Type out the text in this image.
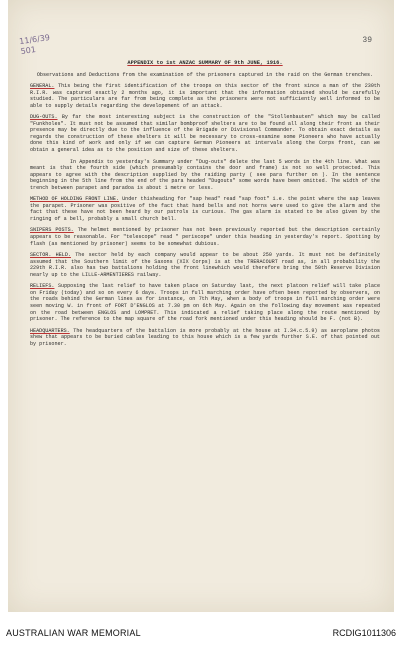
11/6/39
501
39
APPENDIX to 1st ANZAC SUMMARY OF 9th JUNE, 1916.
Observations and Deductions from the examination of the prisoners captured in the raid on the German trenches.

GENERAL. This being the first identification of the troops on this sector of the front since a man of the 230th R.I.R. was captured exactly 2 months ago, it is important that the information obtained should be carefully studied. The particulars are far from being complete as the prisoners were not sufficiently well informed to be able to supply details regarding the developement of an attack.

DUG-OUTS. By far the most interesting subject is the construction of the "Stollenbauten" which may be called "Funkholes". It must not be assumed that similar bombproof shelters are to be found all along their front as their presence may be directly due to the influence of the Brigade or Divisional Commander. To obtain exact details as regards the construction of these shelters it will be necessary to cross-examine some Pioneers who have actually done this kind of work and only if we can capture German Pioneers at intervals along the Corps front, can we obtain a general idea as to the position and size of these shelters.

In Appendix to yesterday's Summary under "Dug-outs" delete the last 5 words in the 4th line. What was meant is that the fourth side (which presumably contains the door and frame) is not so well protected. This appears to agree with the description supplied by the raiding party ( see para further on ). In the sentence beginning in the 5th line from the end of the para headed "Dugouts" some words have been omitted. The width of the trench between parapet and paradoa is about 1 metre or less.

METHOD OF HOLDING FRONT LINE. Under thisheading for "sap head" read "sap foot" i.e. the point where the sap leaves the parapet. Prisoner was positive of the fact that hand bells and not horns were used to give the alarm and the fact that these have not been heard by our patrols is curious. The gas alarm is stated to be also given by the ringing of a bell, probably a small church bell.

SNIPERS POSTS. The helmet mentioned by prisoner has not been previously reported but the description certainly appears to be reasonable. For "telescope" read " periscope" under this heading in yesterday's report. Spotting by flash (as mentioned by prisoner) seems to be somewhat dubious.

SECTOR. HELD. The sector held by each company would appear to be about 250 yards. It must not be definitely assumed that the Southern limit of the Saxons (XIX Corps) is at the TRERACOURT road as, in all probability the 229th R.I.R. also has two battalions holding the front linewhich would therefore bring the 50th Reserve Division nearly up to the LILLE-ARMENTIERES railway.

RELIEFS. Supposing the last relief to have taken place on Saturday last, the next platoon relief will take place on Friday (today) and so on every 6 days. Troops in full marching order have often been reported by observers, on the roads behind the German lines as for instance, on 7th May, when a body of troops in full marching order were seen moving W. in front of FORT D'ENGLOS at 7.30 pm on 6th May. Again on the following day movement was repeated on the road between ENGLOS and LOMPRET. This indicated a relief taking place along the route mentioned by prisoner. The reference to the map square of the road fork mentioned under this heading should be F. (not B).

HEADQUARTERS. The headquarters of the battalion is more probably at the house at I.34.c.5.9) as aeroplane photos shew that appears to be buried cables leading to this house which is a few yards further S.E. of that pointed out by prisoner.

AUSTRALIAN WAR MEMORIAL	RCDIG1011306
